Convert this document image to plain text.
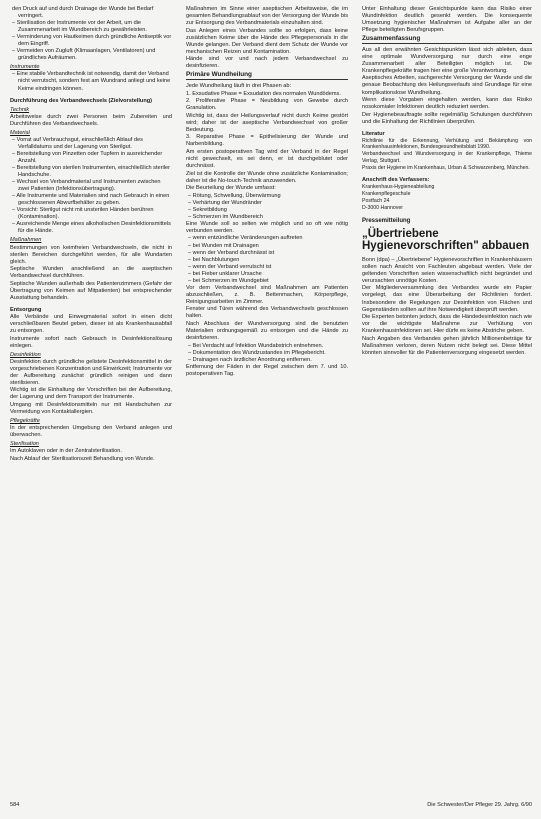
den Druck auf und durch Drainage der Wunde bei Bedarf verringert.
– Sterilisation der Instrumente vor der Arbeit, um die Zusammenarbeit im Wundbereich zu gewährleisten.
– Verminderung von Hautkeimen durch gründliche Antiseptik vor dem Eingriff.
– Vermeiden von Zugluft (Klimaanlagen, Ventilatoren) und gründliches Aufräumen.
Instrumente
– Eine stabile Verbandtechnik ist notwendig, damit der Verband nicht verrutscht, sondern fest am Wundrand anliegt und keine Keime eindringen können.
Durchführung des Verbandwechsels (Zielvorstellung)
Technik
Arbeitsweise durch zwei Personen beim Zubereiten und Durchführen des Verbandwechsels.
Material
– Vorrat auf Verbrauchsgut, einschließlich Ablauf des Verfalldatums und der Lagerung von Sterilgut.
– Bereitstellung von Pinzetten oder Tupfern in ausreichender Anzahl.
– Bereitstellung von sterilen Instrumenten, einschließlich steriler Handschuhe.
– Wechsel von Verbandmaterial und Instrumenten zwischen zwei Patienten (Infektionsübertragung).
– Alle Instrumente und Materialien sind nach Gebrauch in einen geschlossenen Abwurfbehälter zu geben.
– Vorsicht: Sterilgut nicht mit unsterilen Händen berühren (Kontamination).
– Ausreichende Menge eines alkoholischen Desinfektionsmittels für die Hände.
Maßnahmen
Bestimmungen von keimfreien Verbandwechseln, die nicht in sterilen Bereichen durchgeführt werden, für alle Wundarten gleich.
Septische Wunden anschließend an die aseptischen Verbandwechsel durchführen.
Septische Wunden außerhalb des Patientenzimmers (Gefahr der Übertragung von Keimen auf Mitpatienten) bei entsprechender Ausstattung behandeln.
Entsorgung
Alle Verbände und Einwegmaterial sofort in einen dicht verschließbaren Beutel geben, dieser ist als Krankenhausabfall zu entsorgen.
Instrumente sofort nach Gebrauch in Desinfektionslösung einlegen.
Desinfektion
Desinfektion durch gründliche gelistete Desinfektionsmittel in der vorgeschriebenen Konzentration und Einwirkzeit; Instrumente vor der Aufbereitung zunächst gründlich reinigen und dann sterilisieren.
Wichtig ist die Einhaltung der Vorschriften bei der Aufbereitung, der Lagerung und dem Transport der Instrumente.
Umgang mit Desinfektionsmitteln nur mit Handschuhen zur Vermeidung von Kontaktallergien.
Pflegekräfte
In der entsprechenden Umgebung den Verband anlegen und überwachen.
Sterilisation
Im Autoklaven oder in der Zentralsterilisation.
Nach Ablauf der Sterilisationszeit Behandlung von Wunde.
Maßnahmen im Sinne einer aseptischen Arbeitsweise, die im gesamten Behandlungsablauf von der Versorgung der Wunde bis zur Entsorgung des Verbandmaterials einzuhalten sind.
Das Anlegen eines Verbandes sollte so erfolgen, dass keine zusätzlichen Keime über die Hände des Pflegepersonals in die Wunde gelangen. Der Verband dient dem Schutz der Wunde vor mechanischen Reizen und Kontamination.
Hände sind vor und nach jedem Verbandwechsel zu desinfizieren.
Primäre Wundheilung
Jede Wundheilung läuft in drei Phasen ab:
1. Exsudative Phase = Exsudation des normalen Wundödems.
2. Proliferative Phase = Neubildung von Gewebe durch Granulation.
Wichtig ist, dass der Heilungsverlauf nicht durch Keime gestört wird; daher ist der aseptische Verbandwechsel von großer Bedeutung.
3. Reparative Phase = Epithelisierung der Wunde und Narbenbildung.
Am ersten postoperativen Tag wird der Verband in der Regel nicht gewechselt, es sei denn, er ist durchgeblutet oder durchnässt.
Ziel ist die Kontrolle der Wunde ohne zusätzliche Kontamination; daher ist die No-touch-Technik anzuwenden.
Die Beurteilung der Wunde umfasst:
– Rötung, Schwellung, Überwärmung
– Verhärtung der Wundränder
– Sekretbildung
– Schmerzen im Wundbereich
Eine Wunde soll so selten wie möglich und so oft wie nötig verbunden werden.
– wenn entzündliche Veränderungen auftreten
– bei Wunden mit Drainagen
– wenn der Verband durchnässt ist
– bei Nachblutungen
– wenn der Verband verrutscht ist
– bei Fieber unklarer Ursache
– bei Schmerzen im Wundgebiet
Vor dem Verbandwechsel sind Maßnahmen am Patienten abzuschließen, z. B. Bettenmachen, Körperpflege, Reinigungsarbeiten im Zimmer.
Fenster und Türen während des Verbandwechsels geschlossen halten.
Nach Abschluss der Wundversorgung sind die benutzten Materialien ordnungsgemäß zu entsorgen und die Hände zu desinfizieren.
– Bei Verdacht auf Infektion Wundabstrich entnehmen.
– Dokumentation des Wundzustandes im Pflegebericht.
– Drainagen nach ärztlicher Anordnung entfernen.
Entfernung der Fäden in der Regel zwischen dem 7. und 10. postoperativen Tag.
Unter Einhaltung dieser Gesichtspunkte kann das Risiko einer Wundinfektion deutlich gesenkt werden. Die konsequente Umsetzung hygienischer Maßnahmen ist Aufgabe aller an der Pflege beteiligten Berufsgruppen.
Zusammenfassung
Aus all den erwähnten Gesichtspunkten lässt sich ableiten, dass eine optimale Wundversorgung nur durch eine enge Zusammenarbeit aller Beteiligten möglich ist. Die Krankenpflegekräfte tragen hier eine große Verantwortung.
Aseptisches Arbeiten, sachgerechte Versorgung der Wunde und die genaue Beobachtung des Heilungsverlaufs sind Grundlage für eine komplikationslose Wundheilung.
Wenn diese Vorgaben eingehalten werden, kann das Risiko nosokomialer Infektionen deutlich reduziert werden.
Der Hygienebeauftragte sollte regelmäßig Schulungen durchführen und die Einhaltung der Richtlinien überprüfen.
Literatur
Richtlinie für die Erkennung, Verhütung und Bekämpfung von Krankenhausinfektionen, Bundesgesundheitsblatt 1990.
Verbandwechsel und Wundversorgung in der Krankenpflege, Thieme Verlag, Stuttgart.
Praxis der Hygiene im Krankenhaus, Urban & Schwarzenberg, München.
Anschrift des Verfassers:
Krankenhaus-Hygieneabteilung
Krankenpflegeschule
Postfach 24
D-3000 Hannover
Pressemitteilung
„Übertriebene Hygienevorschriften" abbauen
Bonn (dpa) – „Übertriebene" Hygienevorschriften in Krankenhäusern sollen nach Ansicht von Fachleuten abgebaut werden. Viele der geltenden Vorschriften seien wissenschaftlich nicht begründet und verursachten unnötige Kosten.
Der Mitgliederversammlung des Verbandes wurde ein Papier vorgelegt, das eine Überarbeitung der Richtlinien fordert. Insbesondere die Regelungen zur Desinfektion von Flächen und Gegenständen sollten auf ihre Notwendigkeit überprüft werden.
Die Experten betonten jedoch, dass die Händedesinfektion nach wie vor die wichtigste Maßnahme zur Verhütung von Krankenhausinfektionen sei. Hier dürfe es keine Abstriche geben.
Nach Angaben des Verbandes gehen jährlich Millionenbeträge für Maßnahmen verloren, deren Nutzen nicht belegt sei. Diese Mittel könnten sinnvoller für die Patientenversorgung eingesetzt werden.
584	Die Schwester/Der Pfleger 29. Jahrg. 6/90
